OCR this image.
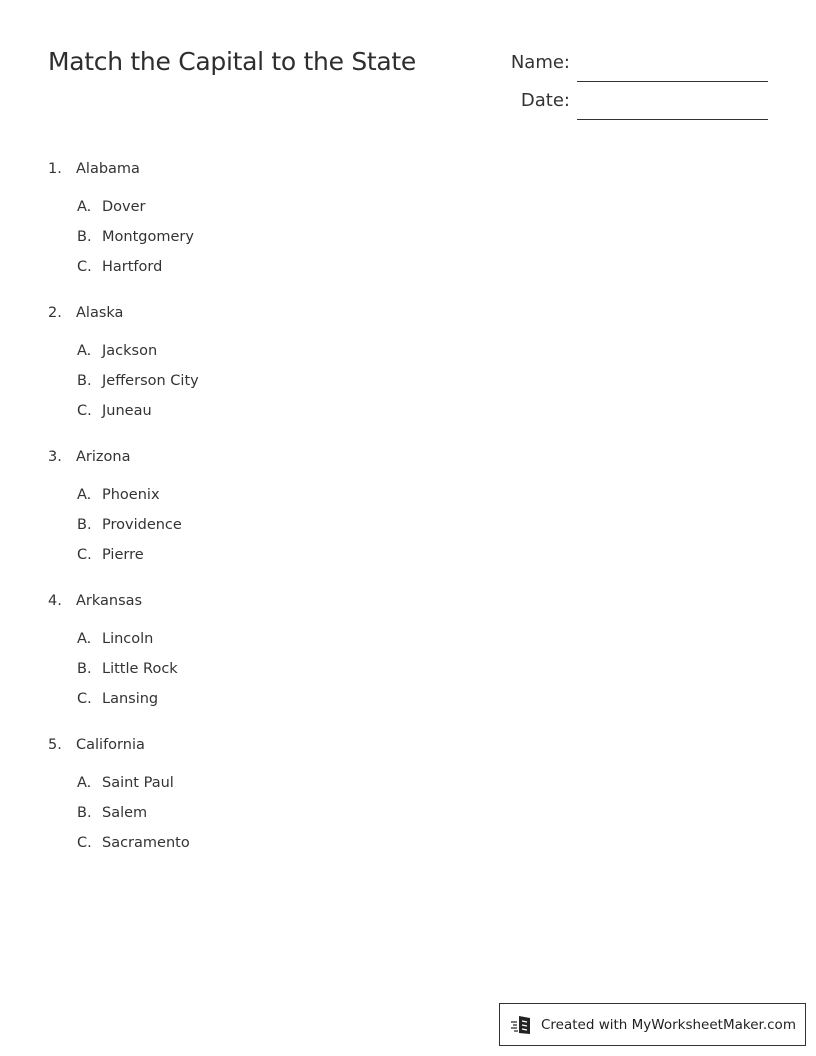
Match the Capital to the State	Name:
Date:
1. Alabama
A. Dover
B. Montgomery
C. Hartford
2. Alaska
A. Jackson
B. Jefferson City
C. Juneau
3. Arizona
A. Phoenix
B. Providence
C. Pierre
4. Arkansas
A. Lincoln
B. Little Rock
C. Lansing
5. California
A. Saint Paul
B. Salem
C. Sacramento
Created with MyWorksheetMaker.com
